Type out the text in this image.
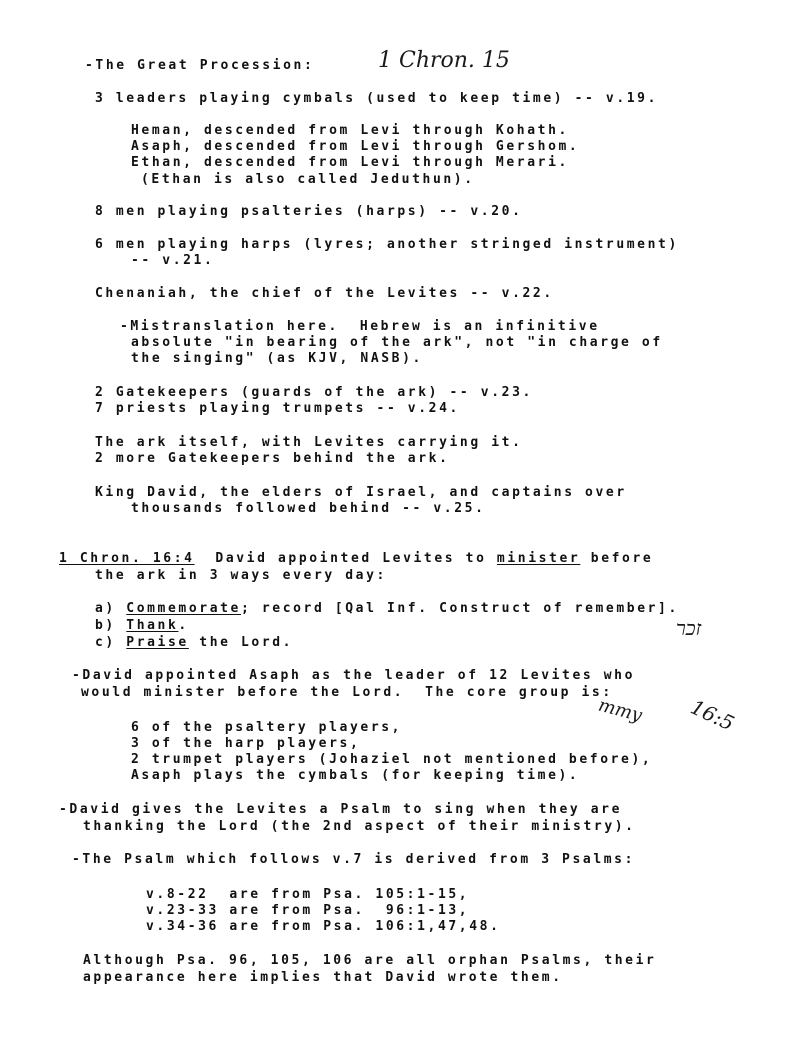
-The Great Procession:	1 Chron. 15
3 leaders playing cymbals (used to keep time) -- v.19.
Heman, descended from Levi through Kohath.
Asaph, descended from Levi through Gershom.
Ethan, descended from Levi through Merari.
(Ethan is also called Jeduthun).
8 men playing psalteries (harps) -- v.20.
6 men playing harps (lyres; another stringed instrument)
-- v.21.
Chenaniah, the chief of the Levites -- v.22.
-Mistranslation here.  Hebrew is an infinitive
absolute "in bearing of the ark", not "in charge of
the singing" (as KJV, NASB).
2 Gatekeepers (guards of the ark) -- v.23.
7 priests playing trumpets -- v.24.
The ark itself, with Levites carrying it.
2 more Gatekeepers behind the ark.
King David, the elders of Israel, and captains over
thousands followed behind -- v.25.
1 Chron. 16:4  David appointed Levites to minister before
the ark in 3 ways every day:
a) Commemorate; record [Qal Inf. Construct of remember].
זכר
b) Thank.
c) Praise the Lord.
-David appointed Asaph as the leader of 12 Levites who
would minister before the Lord.  The core group is:
mmy 16:5
6 of the psaltery players,
3 of the harp players,
2 trumpet players (Johaziel not mentioned before),
Asaph plays the cymbals (for keeping time).
-David gives the Levites a Psalm to sing when they are
thanking the Lord (the 2nd aspect of their ministry).
-The Psalm which follows v.7 is derived from 3 Psalms:
v.8-22  are from Psa. 105:1-15,
v.23-33 are from Psa.  96:1-13,
v.34-36 are from Psa. 106:1,47,48.
Although Psa. 96, 105, 106 are all orphan Psalms, their
appearance here implies that David wrote them.
